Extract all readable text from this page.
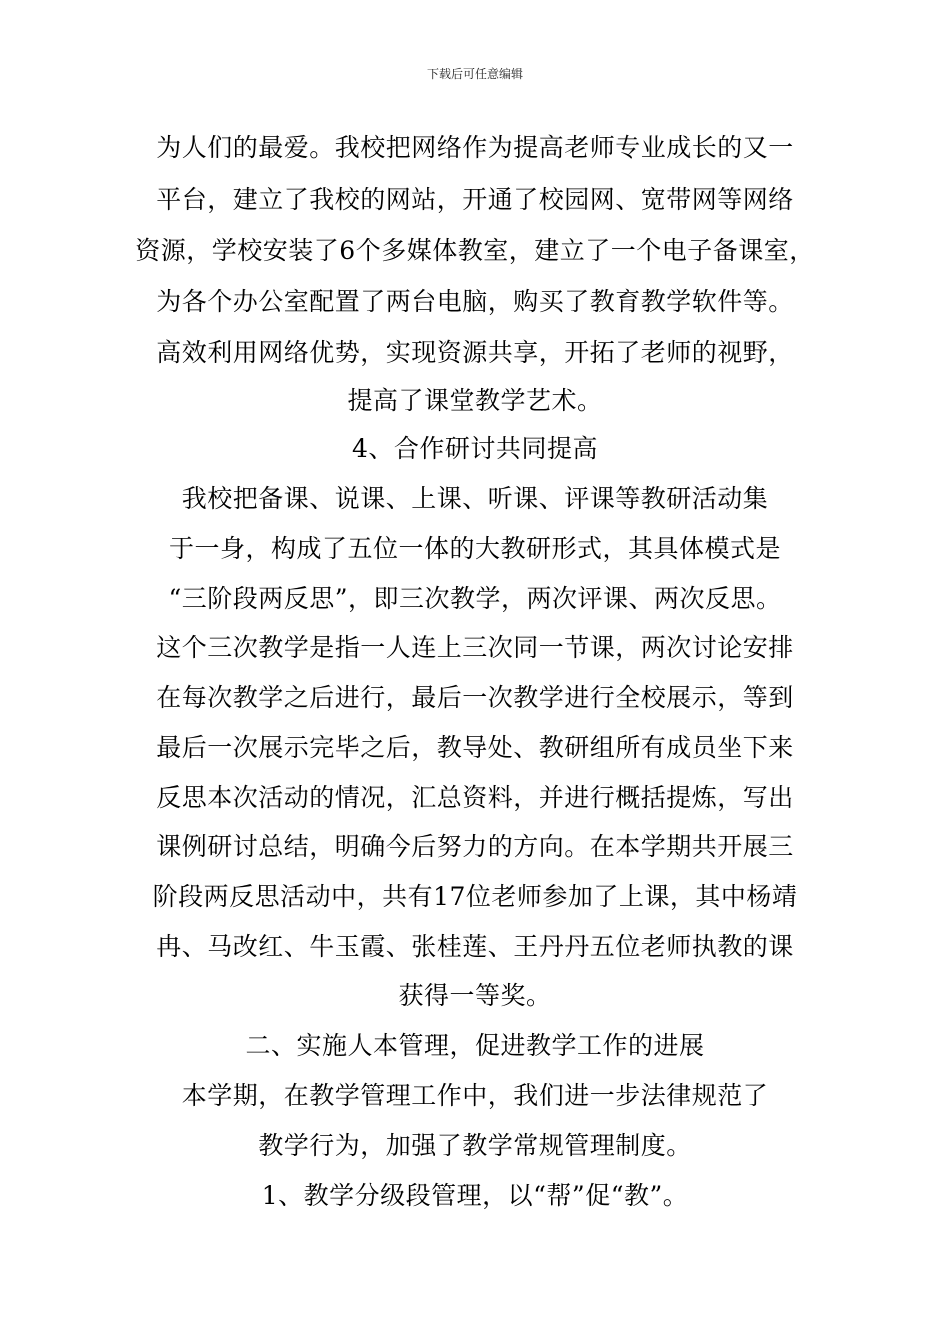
下载后可任意编辑
为人们的最爱。我校把网络作为提高老师专业成长的又一
平台，建立了我校的网站，开通了校园网、宽带网等网络
资源，学校安装了6个多媒体教室，建立了一个电子备课室，
为各个办公室配置了两台电脑，购买了教育教学软件等。
高效利用网络优势，实现资源共享，开拓了老师的视野，
提高了课堂教学艺术。
4、合作研讨共同提高
我校把备课、说课、上课、听课、评课等教研活动集
于一身，构成了五位一体的大教研形式，其具体模式是
“三阶段两反思”，即三次教学，两次评课、两次反思。
这个三次教学是指一人连上三次同一节课，两次讨论安排
在每次教学之后进行，最后一次教学进行全校展示，等到
最后一次展示完毕之后，教导处、教研组所有成员坐下来
反思本次活动的情况，汇总资料，并进行概括提炼，写出
课例研讨总结，明确今后努力的方向。在本学期共开展三
阶段两反思活动中，共有17位老师参加了上课，其中杨靖
冉、马改红、牛玉霞、张桂莲、王丹丹五位老师执教的课
获得一等奖。
二、实施人本管理，促进教学工作的进展
本学期，在教学管理工作中，我们进一步法律规范了
教学行为，加强了教学常规管理制度。
1、教学分级段管理，以“帮”促“教”。
